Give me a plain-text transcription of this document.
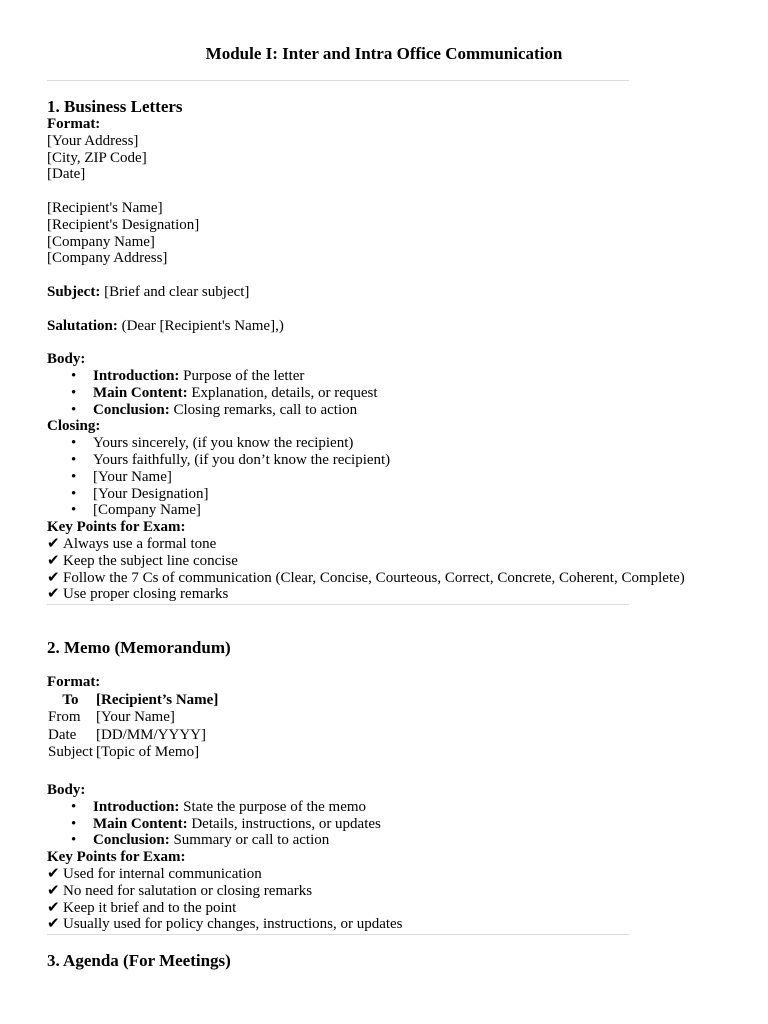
Module I: Inter and Intra Office Communication
1. Business Letters
Format:
[Your Address]
[City, ZIP Code]
[Date]
[Recipient's Name]
[Recipient's Designation]
[Company Name]
[Company Address]
Subject: [Brief and clear subject]
Salutation: (Dear [Recipient's Name],)
Body:
• Introduction: Purpose of the letter
• Main Content: Explanation, details, or request
• Conclusion: Closing remarks, call to action
Closing:
• Yours sincerely, (if you know the recipient)
• Yours faithfully, (if you don’t know the recipient)
• [Your Name]
• [Your Designation]
• [Company Name]
Key Points for Exam:
✔ Always use a formal tone
✔ Keep the subject line concise
✔ Follow the 7 Cs of communication (Clear, Concise, Courteous, Correct, Concrete, Coherent, Complete)
✔ Use proper closing remarks
2. Memo (Memorandum)
Format:
To	[Recipient’s Name]
From	[Your Name]
Date	[DD/MM/YYYY]
Subject	[Topic of Memo]
Body:
• Introduction: State the purpose of the memo
• Main Content: Details, instructions, or updates
• Conclusion: Summary or call to action
Key Points for Exam:
✔ Used for internal communication
✔ No need for salutation or closing remarks
✔ Keep it brief and to the point
✔ Usually used for policy changes, instructions, or updates
3. Agenda (For Meetings)
